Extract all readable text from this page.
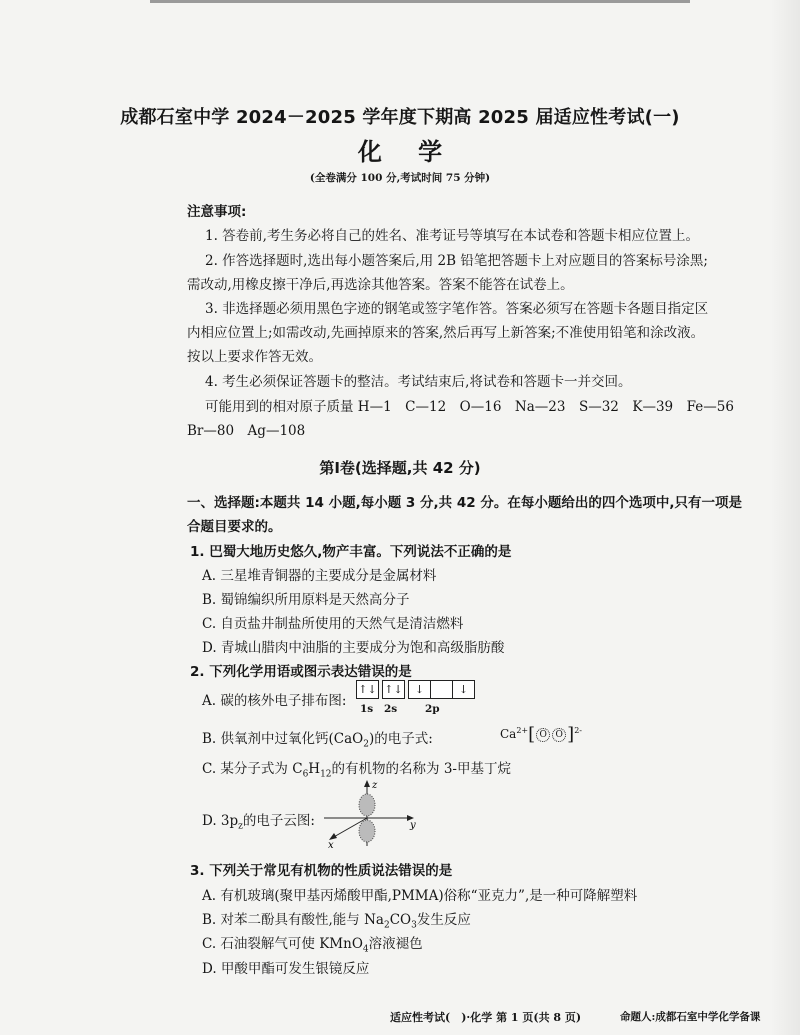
成都石室中学 2024－2025 学年度下期高 2025 届适应性考试(一)
化 学
(全卷满分 100 分,考试时间 75 分钟)
注意事项:
1. 答卷前,考生务必将自己的姓名、准考证号等填写在本试卷和答题卡相应位置上。
2. 作答选择题时,选出每小题答案后,用 2B 铅笔把答题卡上对应题目的答案标号涂黑;
需改动,用橡皮擦干净后,再选涂其他答案。答案不能答在试卷上。
3. 非选择题必须用黑色字迹的钢笔或签字笔作答。答案必须写在答题卡各题目指定区
内相应位置上;如需改动,先画掉原来的答案,然后再写上新答案;不准使用铅笔和涂改液。
按以上要求作答无效。
4. 考生必须保证答题卡的整洁。考试结束后,将试卷和答题卡一并交回。
可能用到的相对原子质量 H—1　C—12　O—16　Na—23　S—32　K—39　Fe—56
Br—80　Ag—108
第Ⅰ卷(选择题,共 42 分)
一、选择题:本题共 14 小题,每小题 3 分,共 42 分。在每小题给出的四个选项中,只有一项是
合题目要求的。
1. 巴蜀大地历史悠久,物产丰富。下列说法不正确的是
A. 三星堆青铜器的主要成分是金属材料
B. 蜀锦编织所用原料是天然高分子
C. 自贡盐井制盐所使用的天然气是清洁燃料
D. 青城山腊肉中油脂的主要成分为饱和高级脂肪酸
2. 下列化学用语或图示表达错误的是
A. 碳的核外电子排布图:
↑↓ ↑↓ ↓	↓
1s 2s	2p
B. 供氧剂中过氧化钙(CaO$_2$)的电子式:	$Ca^{2+}$[ O O ]$^{2-}$
C. 某分子式为 $C_6H_{12}$的有机物的名称为 3-甲基丁烷
D. $3p_z$的电子云图:
z
y
x
3. 下列关于常见有机物的性质说法错误的是
A. 有机玻璃(聚甲基丙烯酸甲酯,PMMA)俗称“亚克力”,是一种可降解塑料
B. 对苯二酚具有酸性,能与 $Na_2CO_3$发生反应
C. 石油裂解气可使 KMnO$_4$溶液褪色
D. 甲酸甲酯可发生银镜反应
适应性考试(　)·化学 第 1 页(共 8 页)	命题人:成都石室中学化学备课
